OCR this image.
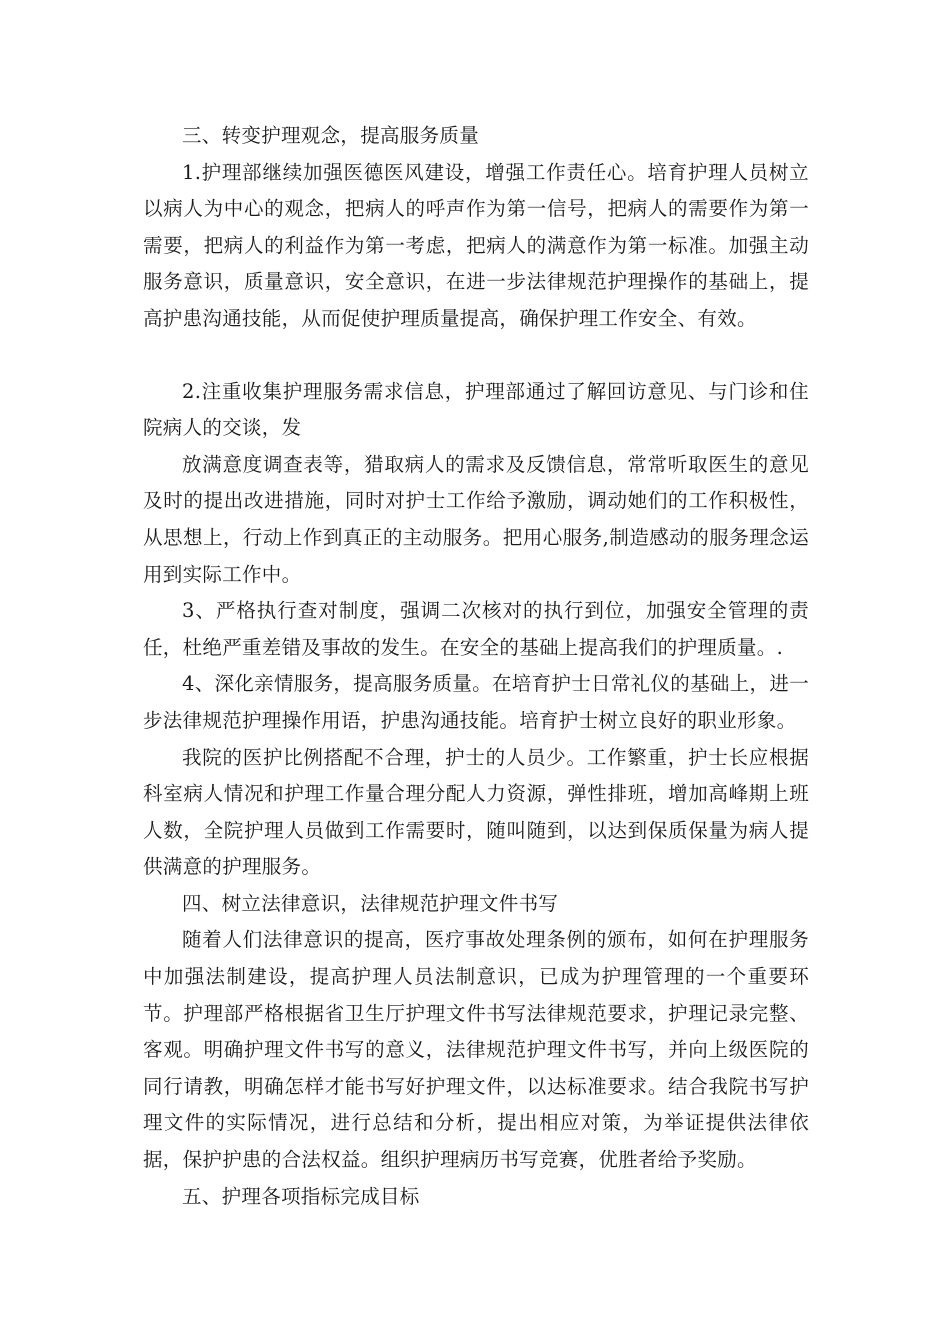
三、转变护理观念，提高服务质量

1.护理部继续加强医德医风建设，增强工作责任心。培育护理人员树立以病人为中心的观念，把病人的呼声作为第一信号，把病人的需要作为第一需要，把病人的利益作为第一考虑，把病人的满意作为第一标准。加强主动服务意识，质量意识，安全意识，在进一步法律规范护理操作的基础上，提高护患沟通技能，从而促使护理质量提高，确保护理工作安全、有效。

2.注重收集护理服务需求信息，护理部通过了解回访意见、与门诊和住院病人的交谈，发

放满意度调查表等，猎取病人的需求及反馈信息，常常听取医生的意见及时的提出改进措施，同时对护士工作给予激励，调动她们的工作积极性，从思想上，行动上作到真正的主动服务。把用心服务,制造感动的服务理念运用到实际工作中。

3、严格执行查对制度，强调二次核对的执行到位，加强安全管理的责任，杜绝严重差错及事故的发生。在安全的基础上提高我们的护理质量。.

4、深化亲情服务，提高服务质量。在培育护士日常礼仪的基础上，进一步法律规范护理操作用语，护患沟通技能。培育护士树立良好的职业形象。

我院的医护比例搭配不合理，护士的人员少。工作繁重，护士长应根据科室病人情况和护理工作量合理分配人力资源，弹性排班，增加高峰期上班人数，全院护理人员做到工作需要时，随叫随到，以达到保质保量为病人提供满意的护理服务。

四、树立法律意识，法律规范护理文件书写

随着人们法律意识的提高，医疗事故处理条例的颁布，如何在护理服务中加强法制建设，提高护理人员法制意识，已成为护理管理的一个重要环节。护理部严格根据省卫生厅护理文件书写法律规范要求，护理记录完整、客观。明确护理文件书写的意义，法律规范护理文件书写，并向上级医院的同行请教，明确怎样才能书写好护理文件，以达标准要求。结合我院书写护理文件的实际情况，进行总结和分析，提出相应对策，为举证提供法律依据，保护护患的合法权益。组织护理病历书写竞赛，优胜者给予奖励。

五、护理各项指标完成目标
